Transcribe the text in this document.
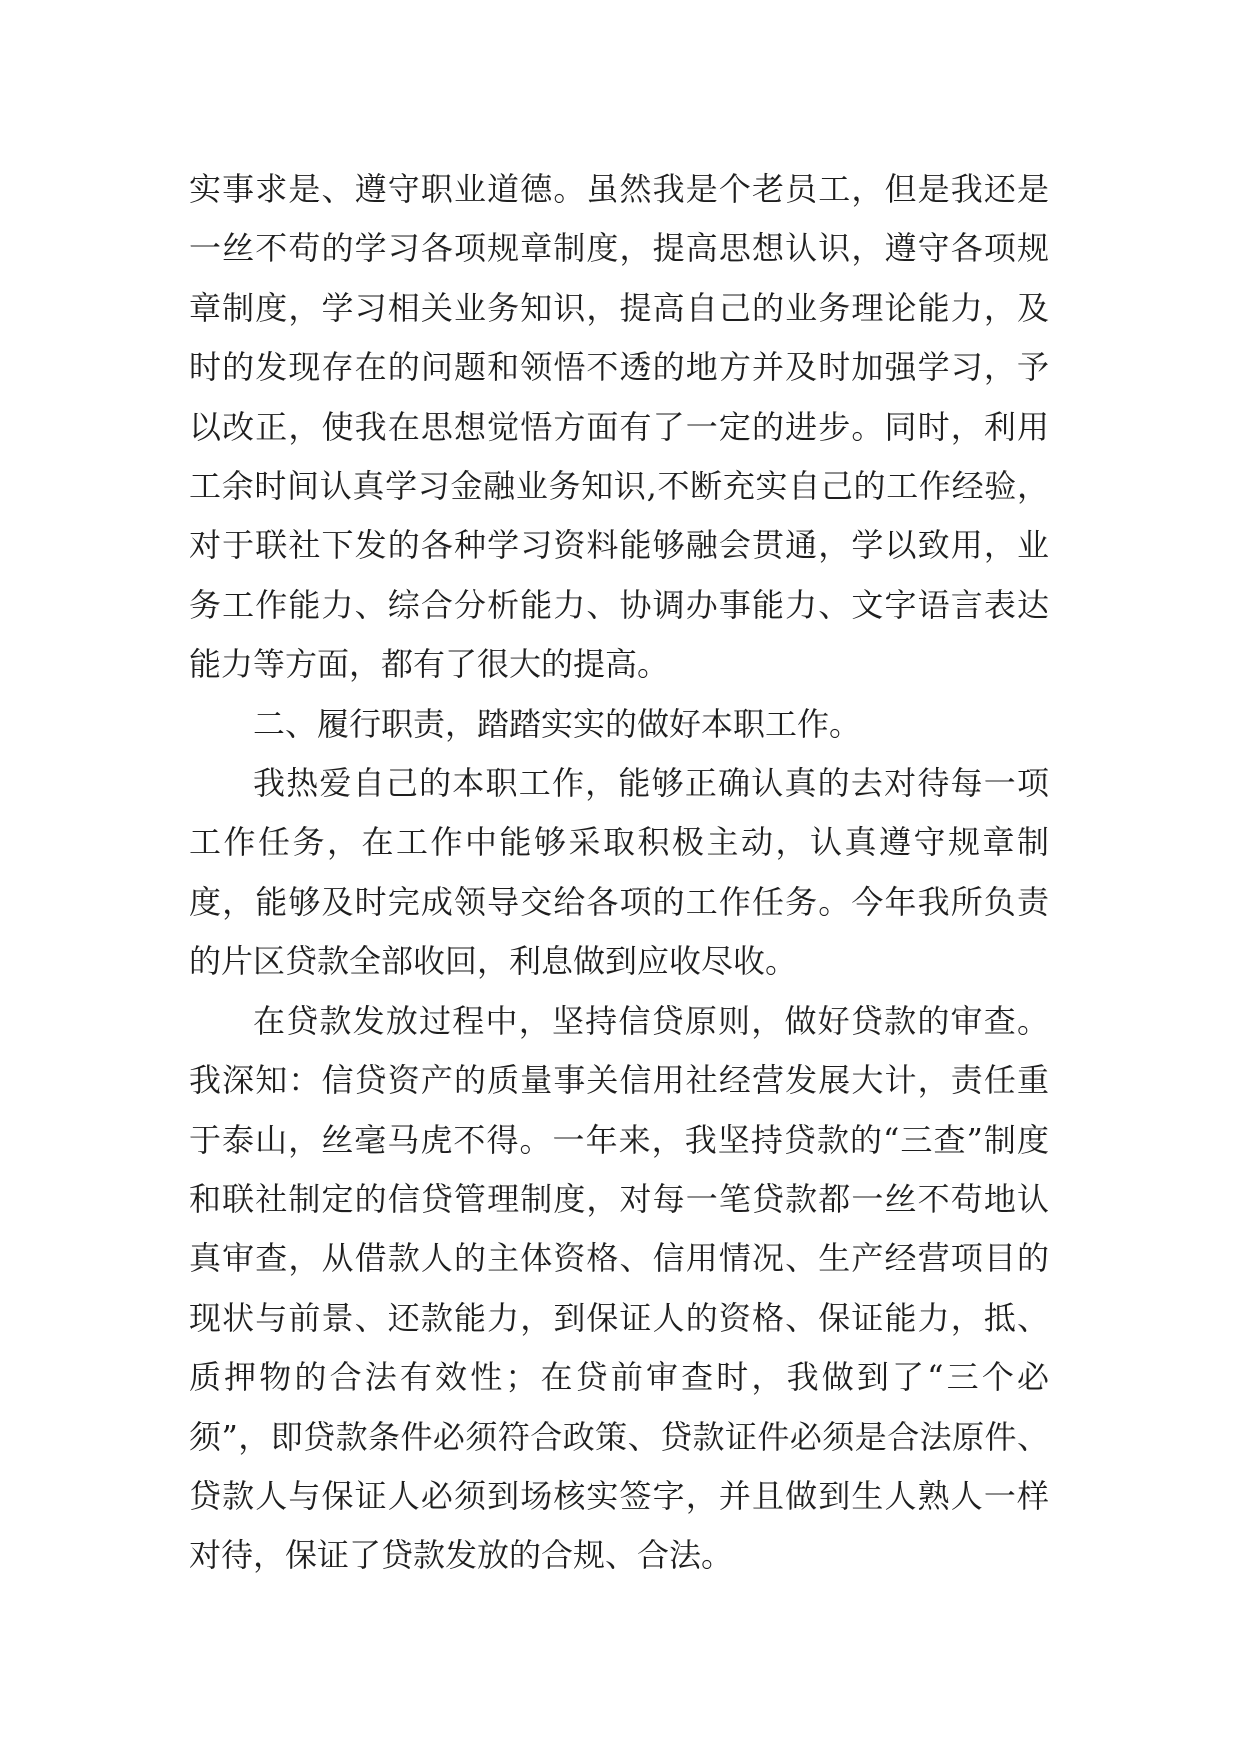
实事求是、遵守职业道德。虽然我是个老员工，但是我还是一丝不苟的学习各项规章制度，提高思想认识，遵守各项规章制度，学习相关业务知识，提高自己的业务理论能力，及时的发现存在的问题和领悟不透的地方并及时加强学习，予以改正，使我在思想觉悟方面有了一定的进步。同时，利用工余时间认真学习金融业务知识,不断充实自己的工作经验，对于联社下发的各种学习资料能够融会贯通，学以致用，业务工作能力、综合分析能力、协调办事能力、文字语言表达能力等方面，都有了很大的提高。

二、履行职责，踏踏实实的做好本职工作。

我热爱自己的本职工作，能够正确认真的去对待每一项工作任务，在工作中能够采取积极主动，认真遵守规章制度，能够及时完成领导交给各项的工作任务。今年我所负责的片区贷款全部收回，利息做到应收尽收。

在贷款发放过程中，坚持信贷原则，做好贷款的审查。我深知：信贷资产的质量事关信用社经营发展大计，责任重于泰山，丝毫马虎不得。一年来，我坚持贷款的“三查”制度和联社制定的信贷管理制度，对每一笔贷款都一丝不苟地认真审查，从借款人的主体资格、信用情况、生产经营项目的现状与前景、还款能力，到保证人的资格、保证能力，抵、质押物的合法有效性；在贷前审查时，我做到了“三个必须”，即贷款条件必须符合政策、贷款证件必须是合法原件、贷款人与保证人必须到场核实签字，并且做到生人熟人一样对待，保证了贷款发放的合规、合法。
